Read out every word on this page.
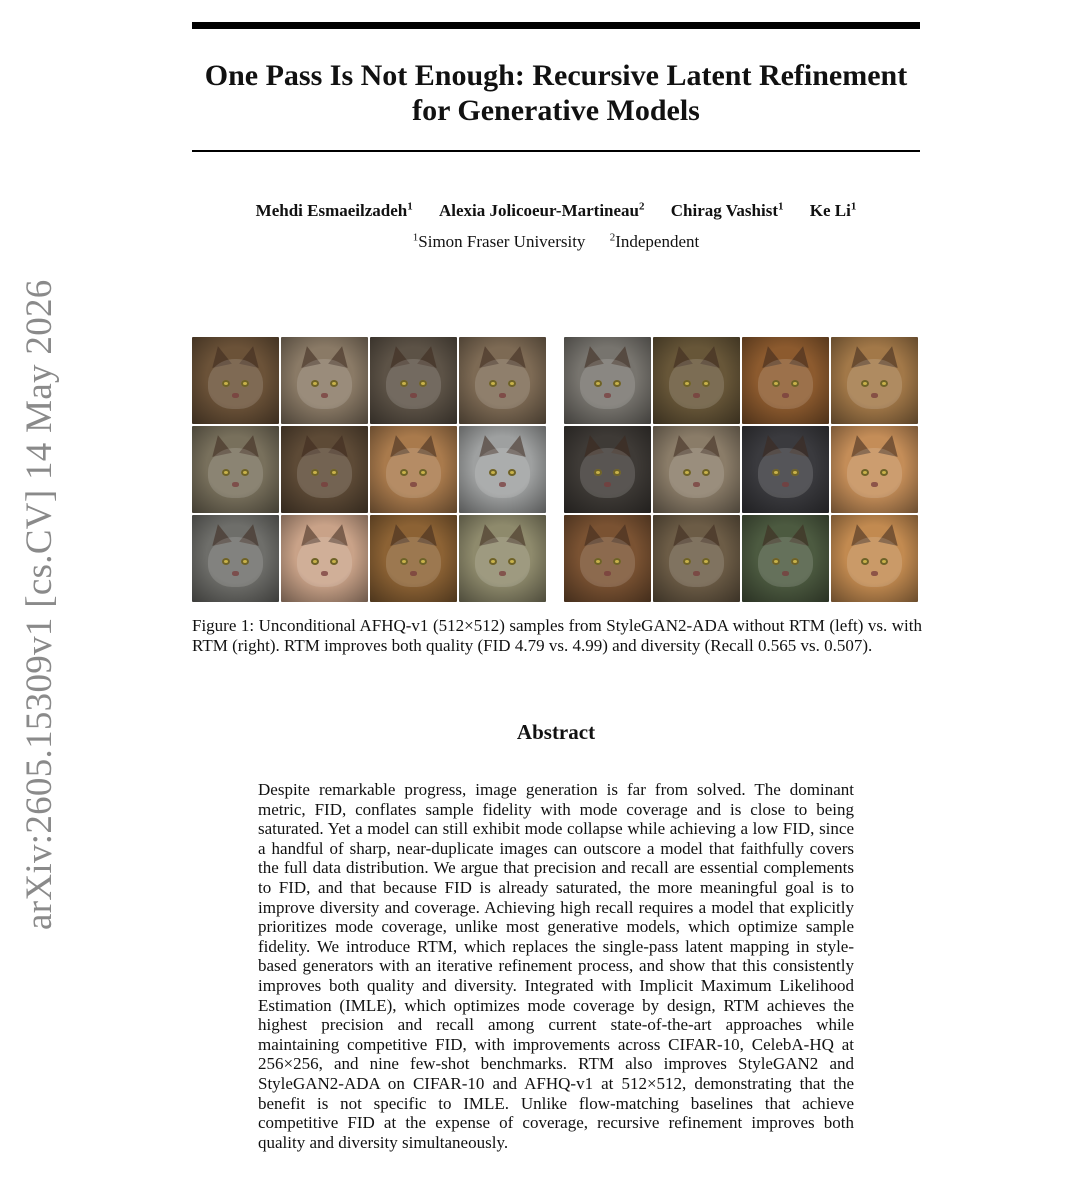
arXiv:2605.15309v1 [cs.CV] 14 May 2026
One Pass Is Not Enough: Recursive Latent Refinement for Generative Models
Mehdi Esmaeilzadeh$^1$ Alexia Jolicoeur-Martineau$^2$ Chirag Vashist$^1$ Ke Li$^1$
$^1$Simon Fraser University $^2$Independent
Figure 1: Unconditional AFHQ-v1 (512×512) samples from StyleGAN2-ADA without RTM (left) vs. with RTM (right). RTM improves both quality (FID 4.79 vs. 4.99) and diversity (Recall 0.565 vs. 0.507).
Abstract
Despite remarkable progress, image generation is far from solved. The dominant metric, FID, conflates sample fidelity with mode coverage and is close to being saturated. Yet a model can still exhibit mode collapse while achieving a low FID, since a handful of sharp, near-duplicate images can outscore a model that faithfully covers the full data distribution. We argue that precision and recall are essential complements to FID, and that because FID is already saturated, the more meaningful goal is to improve diversity and coverage. Achieving high recall requires a model that explicitly prioritizes mode coverage, unlike most generative models, which optimize sample fidelity. We introduce RTM, which replaces the single-pass latent mapping in style-based generators with an iterative refinement process, and show that this consistently improves both quality and diversity. Integrated with Implicit Maximum Likelihood Estimation (IMLE), which optimizes mode coverage by design, RTM achieves the highest precision and recall among current state-of-the-art approaches while maintaining competitive FID, with improvements across CIFAR-10, CelebA-HQ at 256×256, and nine few-shot benchmarks. RTM also improves StyleGAN2 and StyleGAN2-ADA on CIFAR-10 and AFHQ-v1 at 512×512, demonstrating that the benefit is not specific to IMLE. Unlike flow-matching baselines that achieve competitive FID at the expense of coverage, recursive refinement improves both quality and diversity simultaneously.
